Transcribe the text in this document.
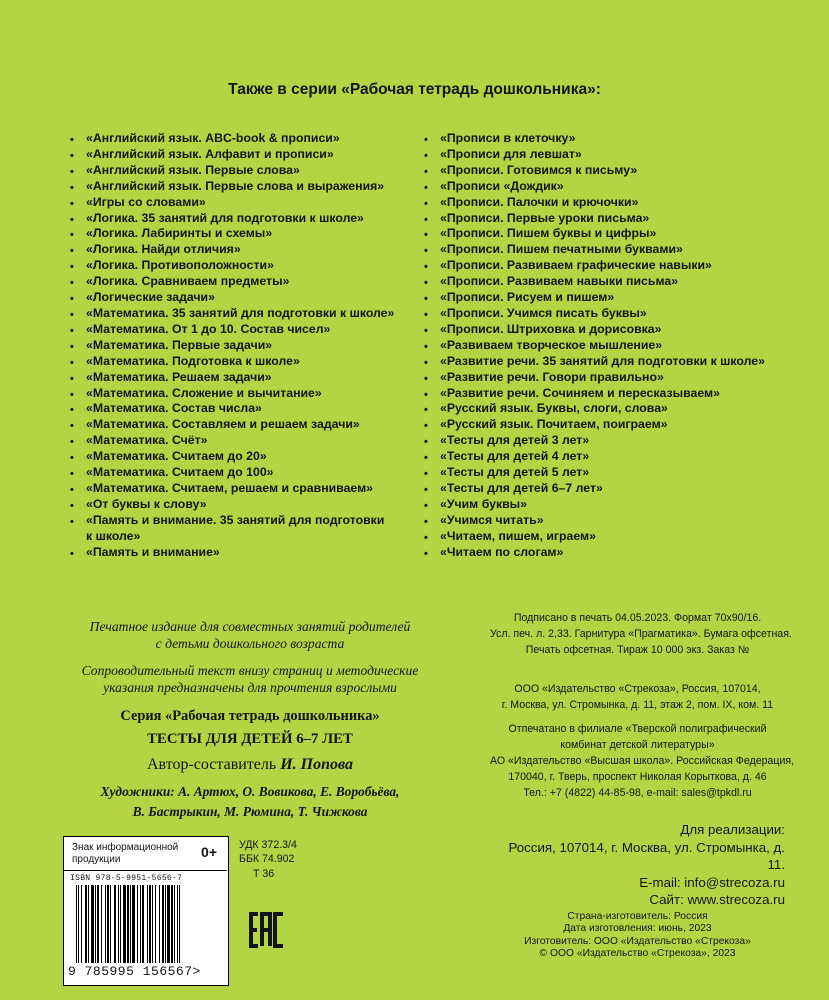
Также в серии «Рабочая тетрадь дошкольника»:
• «Английский язык. ABC-book & прописи»
• «Английский язык. Алфавит и прописи»
• «Английский язык. Первые слова»
• «Английский язык. Первые слова и выражения»
• «Игры со словами»
• «Логика. 35 занятий для подготовки к школе»
• «Логика. Лабиринты и схемы»
• «Логика. Найди отличия»
• «Логика. Противоположности»
• «Логика. Сравниваем предметы»
• «Логические задачи»
• «Математика. 35 занятий для подготовки к школе»
• «Математика. От 1 до 10. Состав чисел»
• «Математика. Первые задачи»
• «Математика. Подготовка к школе»
• «Математика. Решаем задачи»
• «Математика. Сложение и вычитание»
• «Математика. Состав числа»
• «Математика. Составляем и решаем задачи»
• «Математика. Счёт»
• «Математика. Считаем до 20»
• «Математика. Считаем до 100»
• «Математика. Считаем, решаем и сравниваем»
• «От буквы к слову»
• «Память и внимание. 35 занятий для подготовки
к школе»
• «Память и внимание»
• «Прописи в клеточку»
• «Прописи для левшат»
• «Прописи. Готовимся к письму»
• «Прописи «Дождик»
• «Прописи. Палочки и крючочки»
• «Прописи. Первые уроки письма»
• «Прописи. Пишем буквы и цифры»
• «Прописи. Пишем печатными буквами»
• «Прописи. Развиваем графические навыки»
• «Прописи. Развиваем навыки письма»
• «Прописи. Рисуем и пишем»
• «Прописи. Учимся писать буквы»
• «Прописи. Штриховка и дорисовка»
• «Развиваем творческое мышление»
• «Развитие речи. 35 занятий для подготовки к школе»
• «Развитие речи. Говори правильно»
• «Развитие речи. Сочиняем и пересказываем»
• «Русский язык. Буквы, слоги, слова»
• «Русский язык. Почитаем, поиграем»
• «Тесты для детей 3 лет»
• «Тесты для детей 4 лет»
• «Тесты для детей 5 лет»
• «Тесты для детей 6–7 лет»
• «Учим буквы»
• «Учимся читать»
• «Читаем, пишем, играем»
• «Читаем по слогам»
Печатное издание для совместных занятий родителей
с детьми дошкольного возраста
Сопроводительный текст внизу страниц и методические
указания предназначены для прочтения взрослыми
Серия «Рабочая тетрадь дошкольника»
ТЕСТЫ ДЛЯ ДЕТЕЙ 6–7 ЛЕТ
Автор-составитель И. Попова
Художники: А. Артюх, О. Вовикова, Е. Воробьёва,
В. Бастрыкин, М. Рюмина, Т. Чижкова
Знак информационной
продукции	0+
ISBN 978-5-9951-5656-7
9 785995 156567>
УДК 372.3/4
ББК 74.902
Т 36
Подписано в печать 04.05.2023. Формат 70х90/16.
Усл. печ. л. 2,33. Гарнитура «Прагматика». Бумага офсетная.
Печать офсетная. Тираж 10 000 экз. Заказ №
ООО «Издательство «Стрекоза», Россия, 107014,
г. Москва, ул. Стромынка, д. 11, этаж 2, пом. IX, ком. 11
Отпечатано в филиале «Тверской полиграфический
комбинат детской литературы»
АО «Издательство «Высшая школа». Российская Федерация,
170040, г. Тверь, проспект Николая Корыткова, д. 46
Тел.: +7 (4822) 44-85-98, e-mail: sales@tpkdl.ru
Для реализации:
Россия, 107014, г. Москва, ул. Стромынка, д. 11.
E-mail: info@strecoza.ru
Сайт: www.strecoza.ru
Страна-изготовитель: Россия
Дата изготовления: июнь, 2023
Изготовитель: ООО «Издательство «Стрекоза»
© ООО «Издательство «Стрекоза», 2023
